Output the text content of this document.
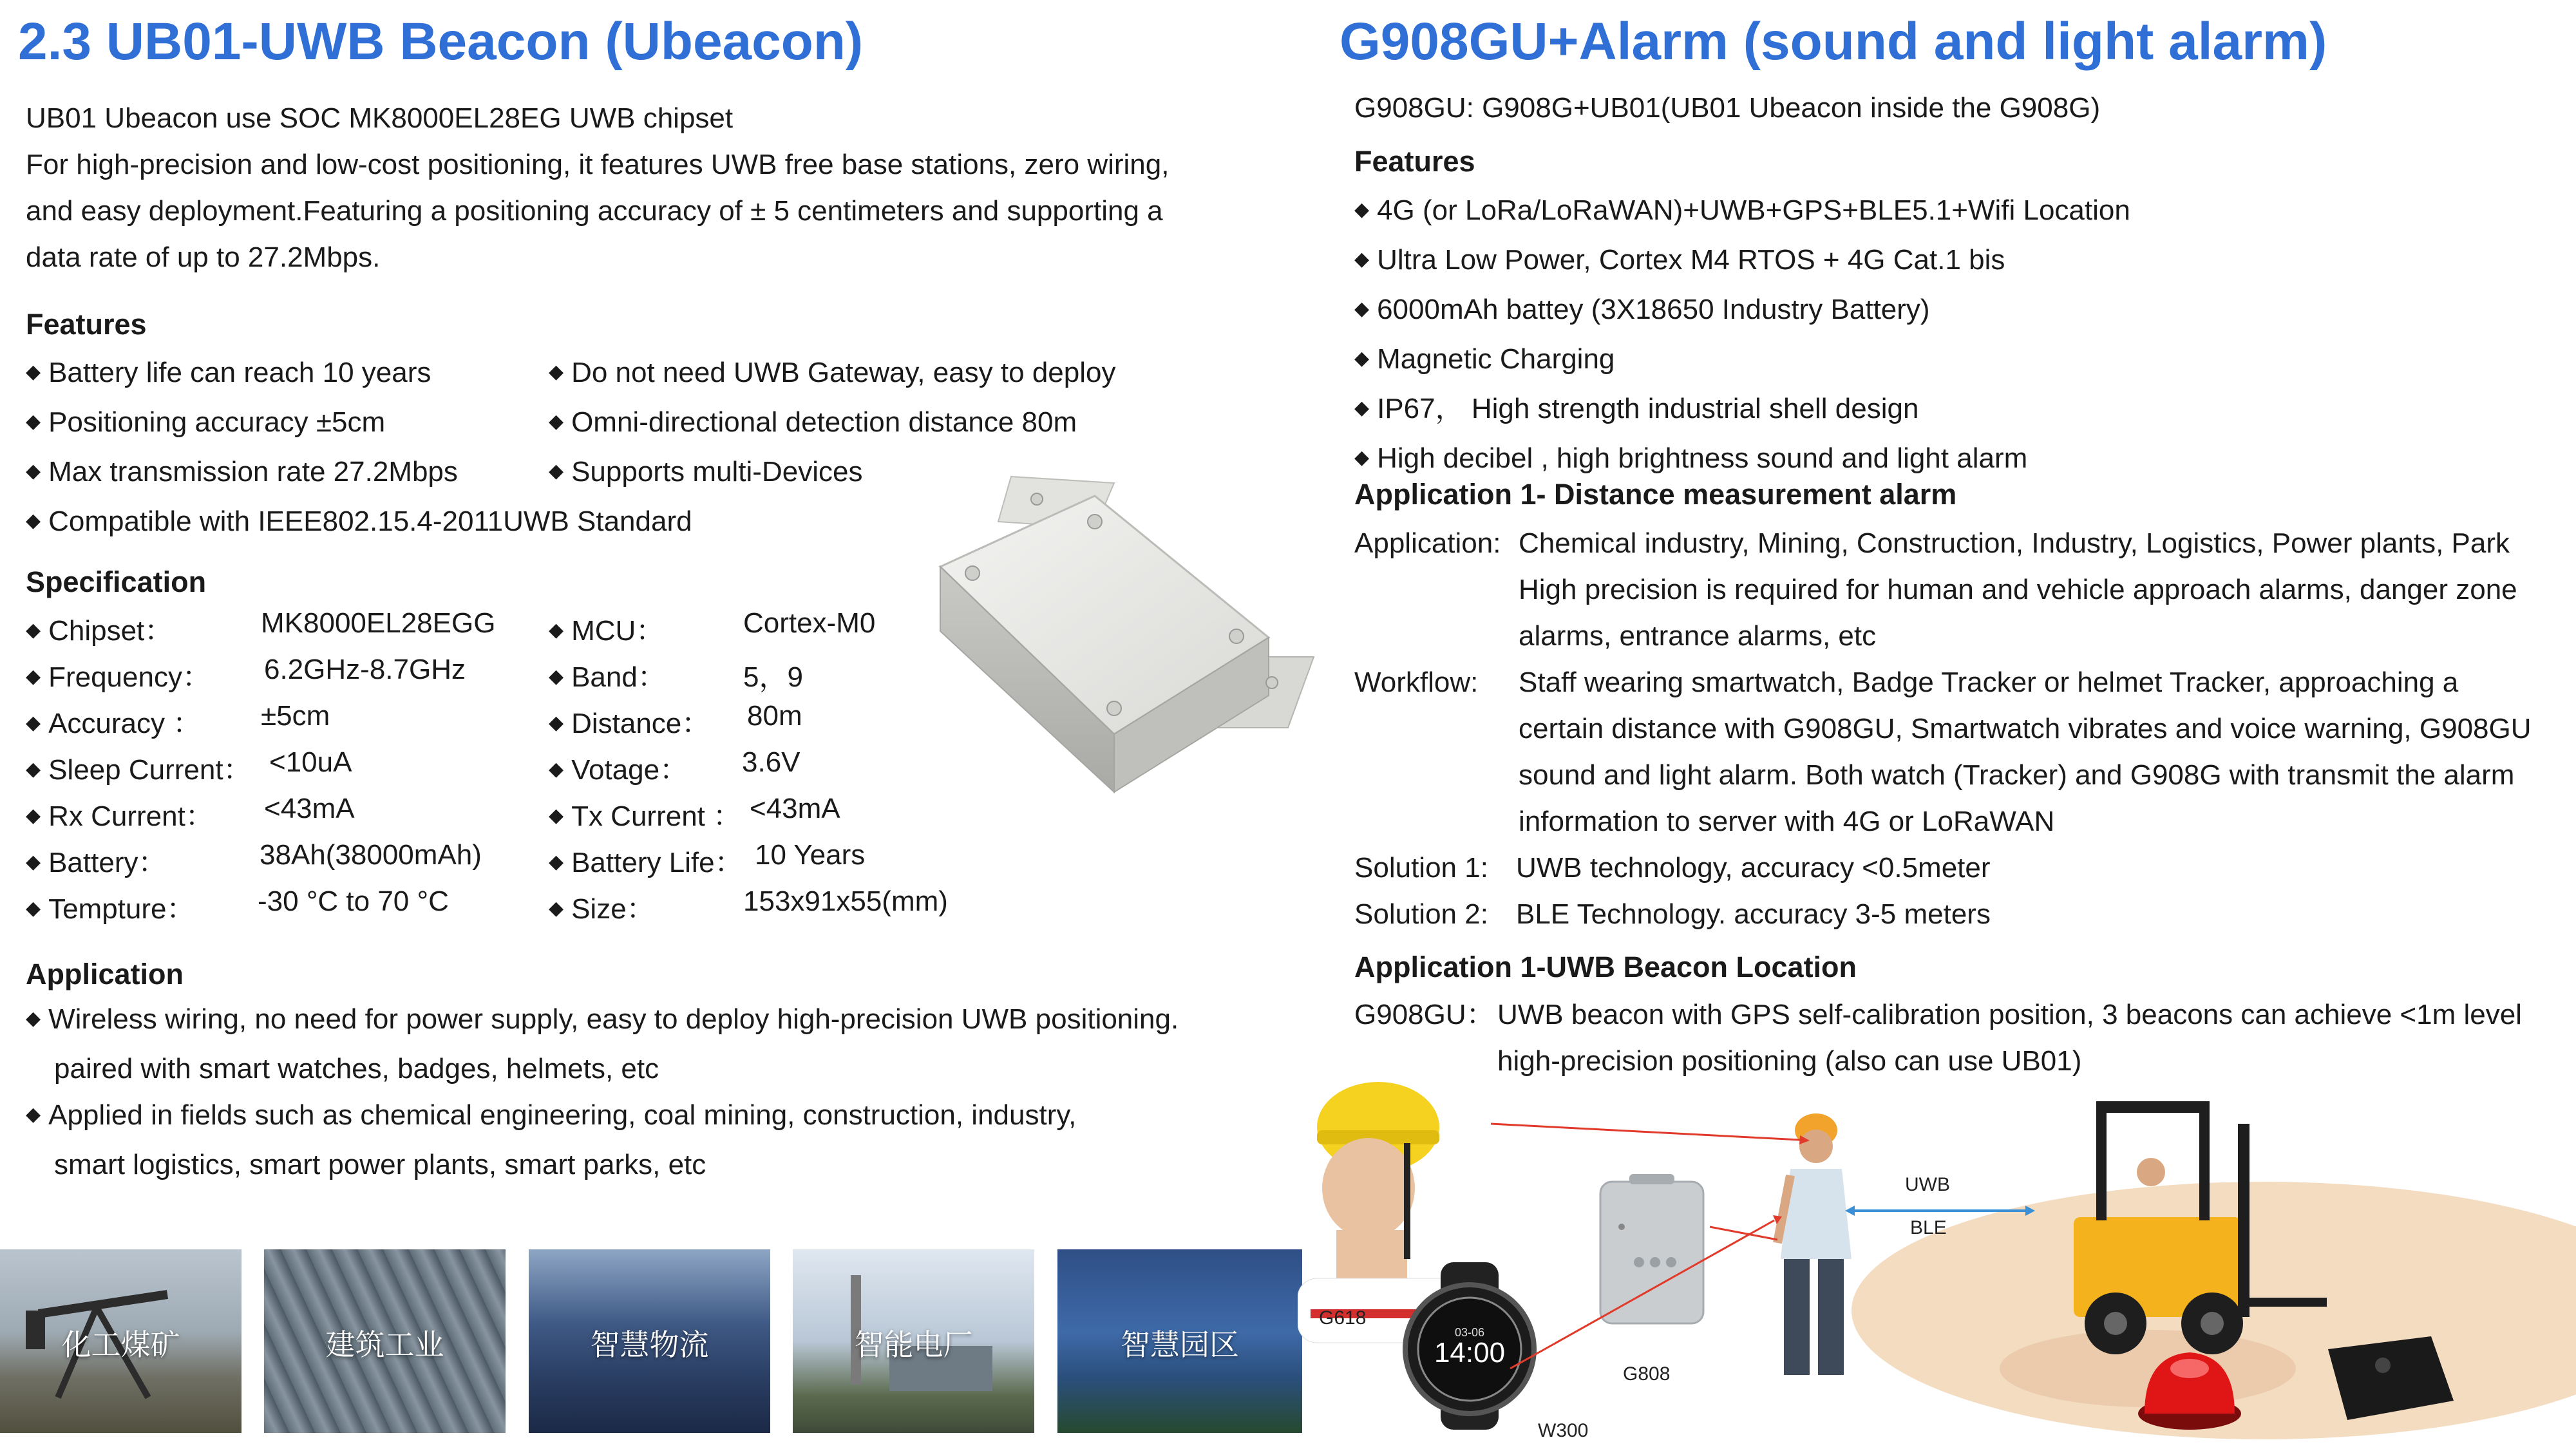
2.3 UB01-UWB Beacon (Ubeacon)
UB01 Ubeacon use SOC MK8000EL28EG UWB chipset
For high-precision and low-cost positioning, it features UWB free base stations, zero wiring,
and easy deployment.Featuring a positioning accuracy of ± 5 centimeters and supporting a
data rate of up to 27.2Mbps.
Features
◆ Battery life can reach 10 years
◆ Positioning accuracy ±5cm
◆ Max transmission rate 27.2Mbps
◆ Compatible with IEEE802.15.4-2011UWB Standard
◆ Do not need UWB Gateway, easy to deploy
◆ Omni-directional detection distance 80m
◆ Supports multi-Devices
Specification
◆ Chipset：	MK8000EL28EGG
◆ Frequency： 6.2GHz-8.7GHz
◆ Accuracy ： ±5cm
◆ Sleep Current： <10uA
◆ Rx Current： <43mA
◆ Battery：	38Ah(38000mAh)
◆ Tempture： -30 °C to 70 °C
◆ MCU：	Cortex-M0
◆ Band：	5，9
◆ Distance： 80m
◆ Votage： 3.6V
◆ Tx Current ： <43mA
◆ Battery Life： 10 Years
◆ Size：	153x91x55(mm)
Application
◆ Wireless wiring, no need for power supply, easy to deploy high-precision UWB positioning.
paired with smart watches, badges, helmets, etc
◆ Applied in fields such as chemical engineering, coal mining, construction, industry,
smart logistics, smart power plants, smart parks, etc
化工煤矿	建筑工业	智慧物流	智能电厂	智慧园区
G908GU+Alarm (sound and light alarm)
G908GU: G908G+UB01(UB01 Ubeacon inside the G908G)
Features
◆ 4G (or LoRa/LoRaWAN)+UWB+GPS+BLE5.1+Wifi Location
◆ Ultra Low Power, Cortex M4 RTOS + 4G Cat.1 bis
◆ 6000mAh battey (3X18650 Industry Battery)
◆ Magnetic Charging
◆ IP67， High strength industrial shell design
◆ High decibel , high brightness sound and light alarm
Application 1- Distance measurement alarm
Application: Chemical industry, Mining, Construction, Industry, Logistics, Power plants, Park
High precision is required for human and vehicle approach alarms, danger zone
alarms, entrance alarms, etc
Workflow: Staff wearing smartwatch, Badge Tracker or helmet Tracker, approaching a
certain distance with G908GU, Smartwatch vibrates and voice warning, G908GU
sound and light alarm. Both watch (Tracker) and G908G with transmit the alarm
information to server with 4G or LoRaWAN
Solution 1: UWB technology, accuracy <0.5meter
Solution 2: BLE Technology. accuracy 3-5 meters
Application 1-UWB Beacon Location
G908GU： UWB beacon with GPS self-calibration position, 3 beacons can achieve <1m level
high-precision positioning (also can use UB01)
03-06
14:00
G618
W300
G808
UWB
BLE
